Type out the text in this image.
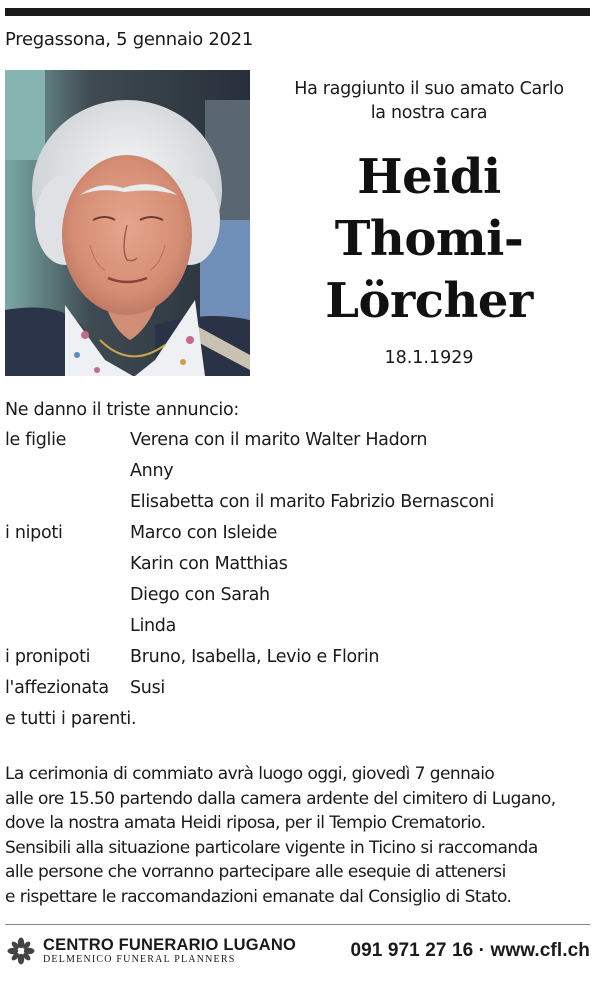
Pregassona, 5 gennaio 2021
Ha raggiunto il suo amato Carlo
la nostra cara
Heidi
Thomi-
Lörcher
18.1.1929
Ne danno il triste annuncio:
le figlie	Verena con il marito Walter Hadorn
Anny
Elisabetta con il marito Fabrizio Bernasconi
i nipoti	Marco con Isleide
Karin con Matthias
Diego con Sarah
Linda
i pronipoti	Bruno, Isabella, Levio e Florin
l'affezionata	Susi
e tutti i parenti.
La cerimonia di commiato avrà luogo oggi, giovedì 7 gennaio
alle ore 15.50 partendo dalla camera ardente del cimitero di Lugano,
dove la nostra amata Heidi riposa, per il Tempio Crematorio.
Sensibili alla situazione particolare vigente in Ticino si raccomanda
alle persone che vorranno partecipare alle esequie di attenersi
e rispettare le raccomandazioni emanate dal Consiglio di Stato.
CENTRO FUNERARIO LUGANO
DELMENICO FUNERAL PLANNERS	091 971 27 16 · www.cfl.ch
